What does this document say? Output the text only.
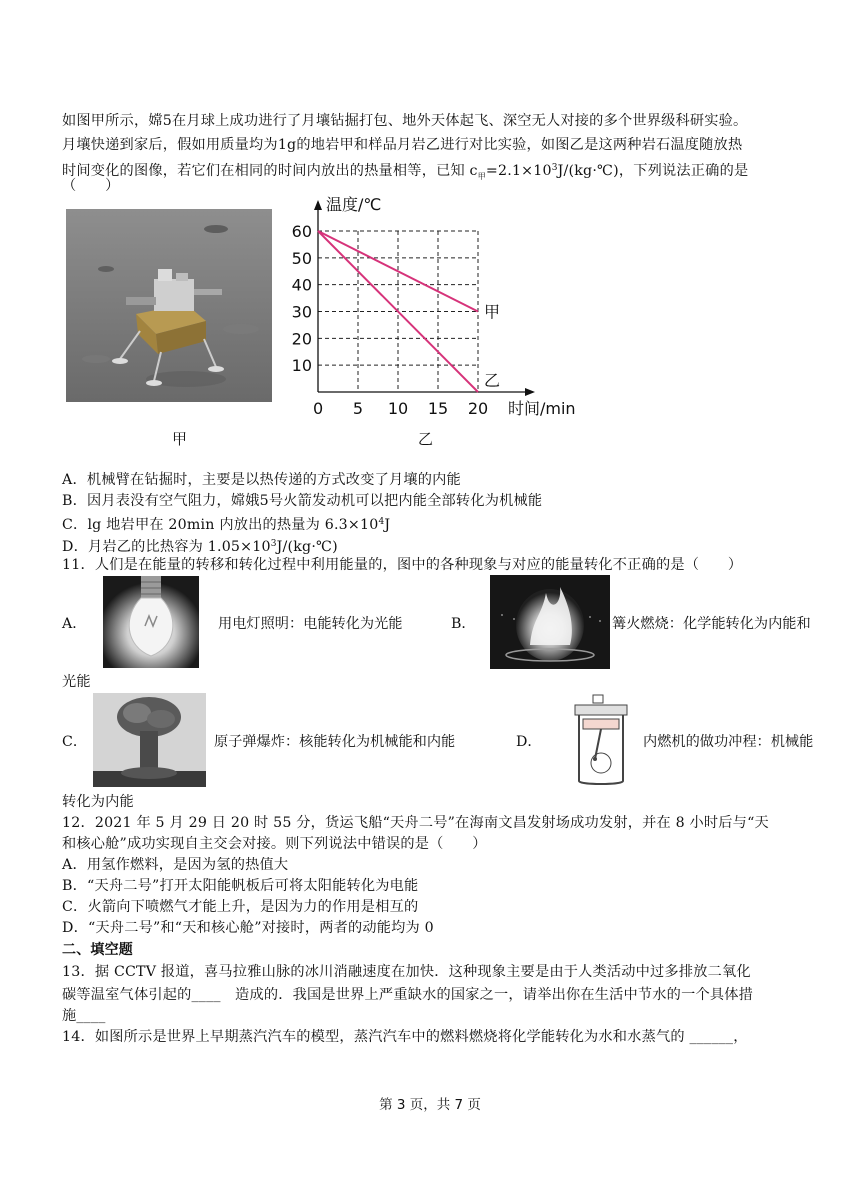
如图甲所示，嫦5在月球上成功进行了月壤钻掘打包、地外天体起飞、深空无人对接的多个世界级科研实验。
月壤快递到家后，假如用质量均为1g的地岩甲和样品月岩乙进行对比实验，如图乙是这两种岩石温度随放热
时间变化的图像，若它们在相同的时间内放出的热量相等，已知 $c_甲=2.1\times 10^3J/(kg\cdot℃)$，下列说法正确的是
（　　）
甲
温度/℃
时间/min
0 5 10 15 20
10
20
30
40
50
60
甲
乙
乙
A．机械臂在钻掘时，主要是以热传递的方式改变了月壤的内能
B．因月表没有空气阻力，嫦娥5号火箭发动机可以把内能全部转化为机械能
C．lg 地岩甲在 20min 内放出的热量为 $6.3\times 10^4J$
D．月岩乙的比热容为 $1.05\times 10^3J/(kg\cdot℃)$
11．人们是在能量的转移和转化过程中利用能量的，图中的各种现象与对应的能量转化不正确的是（　　）
A．	用电灯照明：电能转化为光能	B．	篝火燃烧：化学能转化为内能和
光能
C．	原子弹爆炸：核能转化为机械能和内能	D．	内燃机的做功冲程：机械能
转化为内能
12．2021 年 5 月 29 日 20 时 55 分，货运飞船“天舟二号”在海南文昌发射场成功发射，并在 8 小时后与“天
和核心舱”成功实现自主交会对接。则下列说法中错误的是（　　）
A．用氢作燃料，是因为氢的热值大
B．“天舟二号”打开太阳能帆板后可将太阳能转化为电能
C．火箭向下喷燃气才能上升，是因为力的作用是相互的
D．“天舟二号”和“天和核心舱”对接时，两者的动能均为 0
二、填空题
13．据 CCTV 报道，喜马拉雅山脉的冰川消融速度在加快．这种现象主要是由于人类活动中过多排放二氧化
碳等温室气体引起的____　造成的．我国是世界上严重缺水的国家之一，请举出你在生活中节水的一个具体措
施____
14．如图所示是世界上早期蒸汽汽车的模型，蒸汽汽车中的燃料燃烧将化学能转化为水和水蒸气的 ______，
第 3 页，共 7 页
